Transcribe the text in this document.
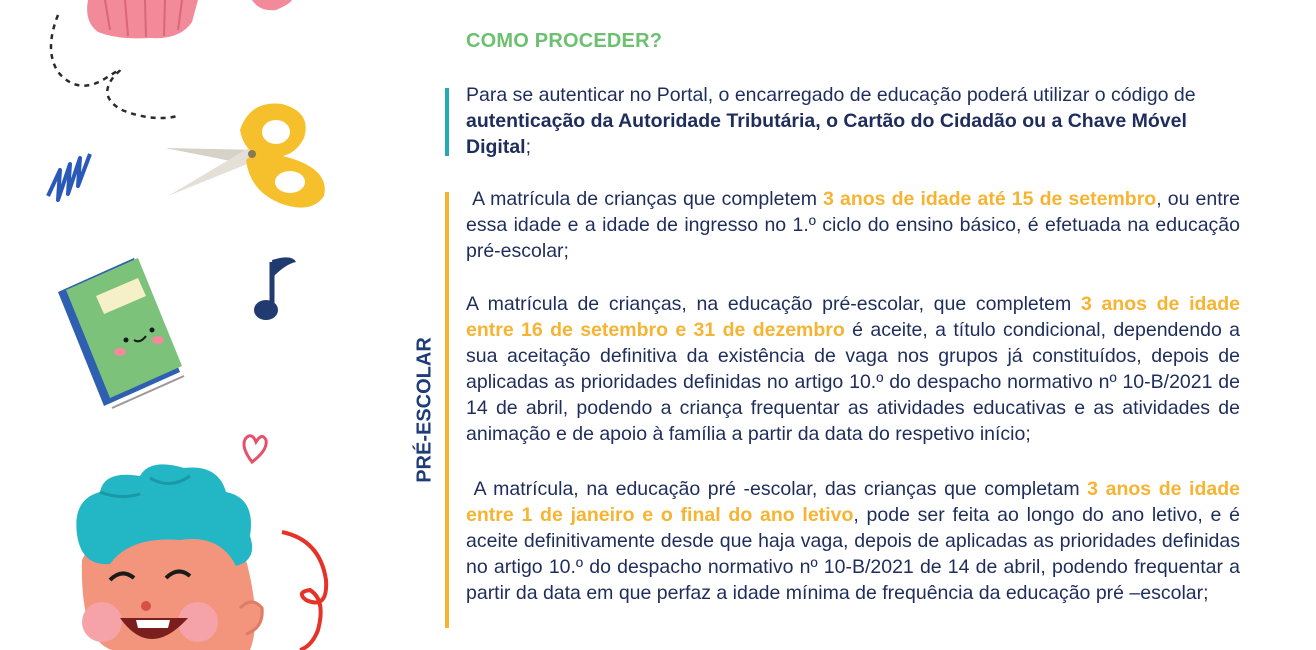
COMO PROCEDER?
Para se autenticar no Portal, o encarregado de educação poderá utilizar o código de autenticação da Autoridade Tributária, o Cartão do Cidadão ou a Chave Móvel Digital;
PRÉ-ESCOLAR
A matrícula de crianças que completem 3 anos de idade até 15 de setembro, ou entre essa idade e a idade de ingresso no 1.º ciclo do ensino básico, é efetuada na educação pré-escolar;
A matrícula de crianças, na educação pré-escolar, que completem 3 anos de idade entre 16 de setembro e 31 de dezembro é aceite, a título condicional, dependendo a sua aceitação definitiva da existência de vaga nos grupos já constituídos, depois de aplicadas as prioridades definidas no artigo 10.º do despacho normativo nº 10-B/2021 de 14 de abril, podendo a criança frequentar as atividades educativas e as atividades de animação e de apoio à família a partir da data do respetivo início;
A matrícula, na educação pré -escolar, das crianças que completam 3 anos de idade entre 1 de janeiro e o final do ano letivo, pode ser feita ao longo do ano letivo, e é aceite definitivamente desde que haja vaga, depois de aplicadas as prioridades definidas no artigo 10.º do despacho normativo nº 10-B/2021 de 14 de abril, podendo frequentar a partir da data em que perfaz a idade mínima de frequência da educação pré –escolar;
